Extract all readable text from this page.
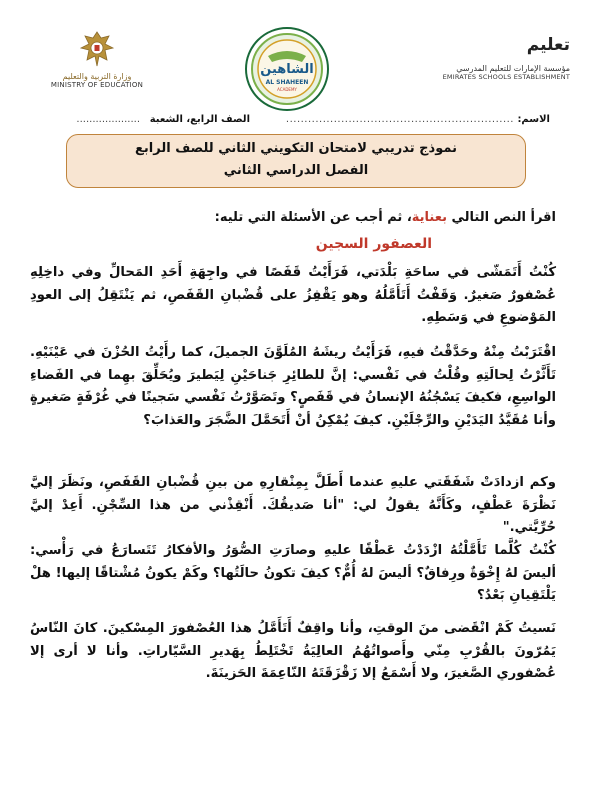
وزارة التربية والتعليم
MINISTRY OF EDUCATION
الشاهين
AL SHAHEEN
ACADEMY
تعليم
مؤسسة الإمارات للتعليم المدرسي
EMIRATES SCHOOLS ESTABLISHMENT
الاسم:
..............................................................
الصف الرابع، الشعبة
....................
نموذج تدريبي لامتحان التكويني الثاني للصف الرابع
الفصل الدراسي الثاني
اقرأ النص التالي بعناية، ثم أجب عن الأسئلة التي تليه:
العصفور السجين
كُنْتُ أَتَمَشّى في ساحَةِ بَلْدَتي، فَرَأَيْتُ قَفَصًا في واجِهَةِ أَحَدِ المَحالِّ وفي داخِلِهِ عُصْفورٌ صَغيرٌ. وَقَفْتُ أَتَأَمَّلُهُ وهو يَقْفِزُ على قُضْبانِ القَفَصِ، ثم يَنْتَقِلُ إلى العودِ المَوْضوعِ في وَسَطِهِ.
اقْتَرَبْتُ مِنْهُ وحَدَّقْتُ فيهِ، فَرَأَيْتُ ريشَهُ المُلَوَّنَ الجميلَ، كما رأَيْتُ الحُزْنَ في عَيْنَيْهِ. تَأَثَّرْتُ لِحالَتِهِ وقُلْتُ في نَفْسي: إنَّ للطائِرِ جَناحَيْنِ لِيَطيرَ ويُحَلِّقَ بهِما في الفَضاءِ الواسِعِ، فكيفَ يَسْجُنُهُ الإنسانُ في قَفَصٍ؟ وتَصَوَّرْتُ نَفْسي سَجينًا في غُرْفَةٍ صَغيرةٍ وأنا مُقَيَّدُ اليَدَيْنِ والرِّجْلَيْنِ. كيفَ يُمْكِنُ أنْ أَتَحَمَّلَ الضَّجَرَ والعَذابَ؟
وكم ازدادَتْ شَفَقَتي عليهِ عندما أَطَلَّ بِمِنْقارِهِ من بينِ قُضْبانِ القَفَصِ، ونَظَرَ إليَّ نَظْرَةَ عَطْفٍ، وكَأَنَّهُ يقولُ لي: "أنا صَديقُكَ. أَنْقِذْني من هذا السِّجْنِ. أَعِدْ إليَّ حُرِّيَّتي."
كُنْتُ كُلَّما تَأَمَّلْتُهُ ازْدَدْتُ عَطْفًا عليهِ وصارَتِ الصُّوَرُ والأفكارُ تَتَسارَعُ في رَأْسي: أليسَ لهُ إِخْوَةٌ ورِفاقٌ؟ أليسَ لهُ أُمٌّ؟ كيفَ تكونُ حالَتُها؟ وكَمْ يكونُ مُشْتاقًا إليها! هلْ يَلْتَقِيانِ بَعْدُ؟
نَسيتُ كَمْ انْقَضى منَ الوقتِ، وأنا واقِفٌ أَتَأَمَّلُ هذا العُصْفورَ المِسْكينَ. كانَ النّاسُ يَمُرّونَ بالقُرْبِ مِنّي وأَصواتُهُمُ العالِيَةُ تَخْتَلِطُ بِهَديرِ السَّيّاراتِ. وأنا لا أرى إلا عُصْفوري الصَّغيرَ، ولا أَسْمَعُ إلا زَقْزَقَتَهُ النّاعِمَةَ الحَزينَةَ.
